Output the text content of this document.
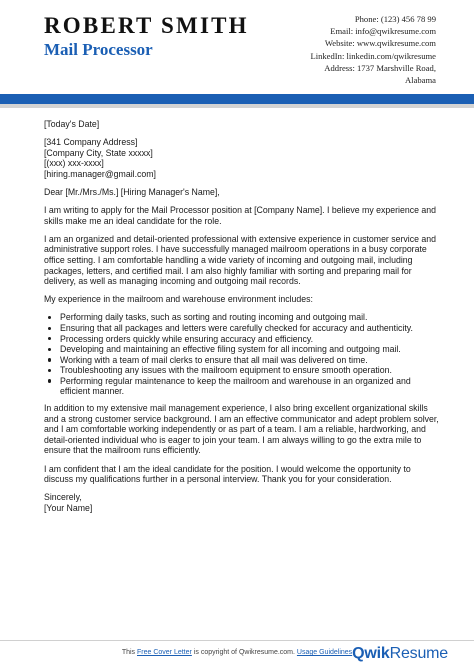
ROBERT SMITH
Mail Processor
Phone: (123) 456 78 99
Email: info@qwikresume.com
Website: www.qwikresume.com
LinkedIn: linkedin.com/qwikresume
Address: 1737 Marshville Road,
Alabama

[Today's Date]

[341 Company Address]
[Company City, State xxxxx]
[(xxx) xxx-xxxx]
[hiring.manager@gmail.com]

Dear [Mr./Mrs./Ms.] [Hiring Manager's Name],

I am writing to apply for the Mail Processor position at [Company Name]. I believe my experience and skills make me an ideal candidate for the role.

I am an organized and detail-oriented professional with extensive experience in customer service and administrative support roles. I have successfully managed mailroom operations in a busy corporate office setting. I am comfortable handling a wide variety of incoming and outgoing mail, including packages, letters, and certified mail. I am also highly familiar with sorting and preparing mail for delivery, as well as managing incoming and outgoing mail records.

My experience in the mailroom and warehouse environment includes:

Performing daily tasks, such as sorting and routing incoming and outgoing mail.
Ensuring that all packages and letters were carefully checked for accuracy and authenticity.
Processing orders quickly while ensuring accuracy and efficiency.
Developing and maintaining an effective filing system for all incoming and outgoing mail.
Working with a team of mail clerks to ensure that all mail was delivered on time.
Troubleshooting any issues with the mailroom equipment to ensure smooth operation.
Performing regular maintenance to keep the mailroom and warehouse in an organized and efficient manner.

In addition to my extensive mail management experience, I also bring excellent organizational skills and a strong customer service background. I am an effective communicator and adept problem solver, and I am comfortable working independently or as part of a team. I am a reliable, hardworking, and detail-oriented individual who is eager to join your team. I am always willing to go the extra mile to ensure that the mailroom runs efficiently.

I am confident that I am the ideal candidate for the position. I would welcome the opportunity to discuss my qualifications further in a personal interview. Thank you for your consideration.

Sincerely,
[Your Name]

This Free Cover Letter is copyright of Qwikresume.com. Usage Guidelines QwikResume
